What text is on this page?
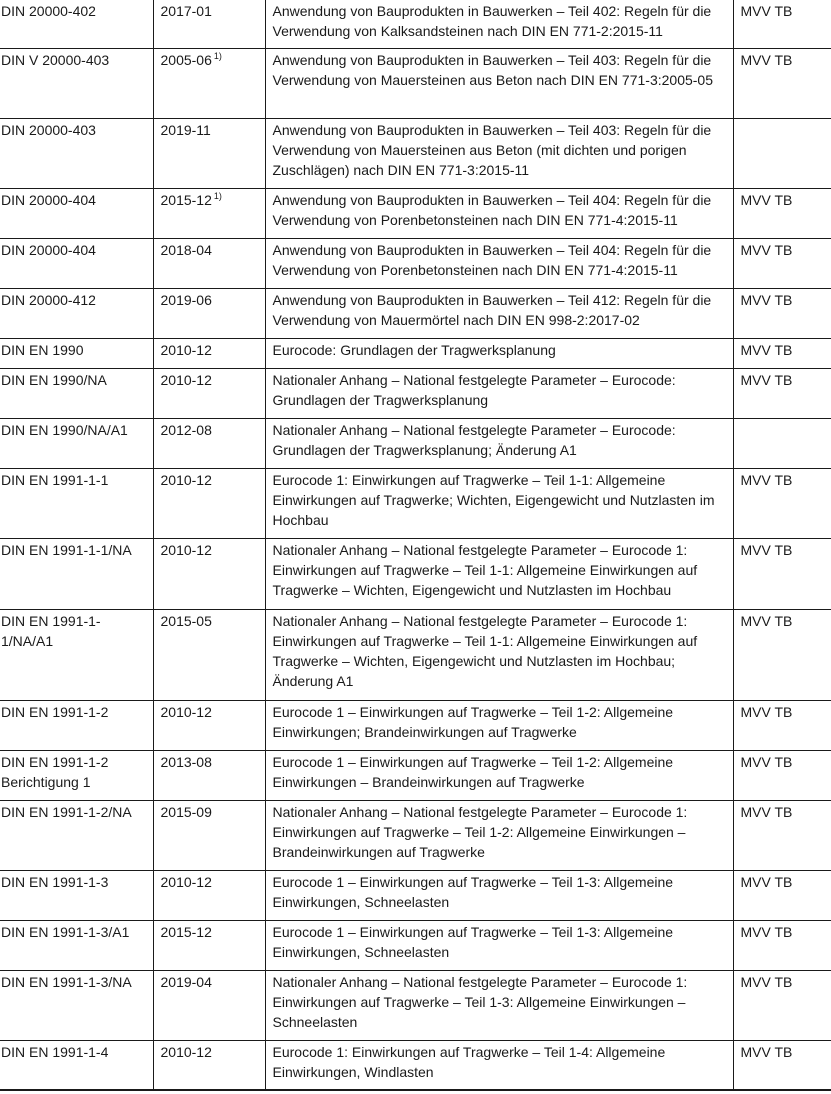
DIN 20000-402	2017-01	Anwendung von Bauprodukten in Bauwerken – Teil 402: Regeln für die Verwendung von Kalksandsteinen nach DIN EN 771-2:2015-11	MVV TB
DIN V 20000-403	2005-06 $^{1)}$	Anwendung von Bauprodukten in Bauwerken – Teil 403: Regeln für die Verwendung von Mauersteinen aus Beton nach DIN EN 771-3:2005-05	MVV TB
DIN 20000-403	2019-11	Anwendung von Bauprodukten in Bauwerken – Teil 403: Regeln für die Verwendung von Mauersteinen aus Beton (mit dichten und porigen Zuschlägen) nach DIN EN 771-3:2015-11	
DIN 20000-404	2015-12 $^{1)}$	Anwendung von Bauprodukten in Bauwerken – Teil 404: Regeln für die Verwendung von Porenbetonsteinen nach DIN EN 771-4:2015-11	MVV TB
DIN 20000-404	2018-04	Anwendung von Bauprodukten in Bauwerken – Teil 404: Regeln für die Verwendung von Porenbetonsteinen nach DIN EN 771-4:2015-11	MVV TB
DIN 20000-412	2019-06	Anwendung von Bauprodukten in Bauwerken – Teil 412: Regeln für die Verwendung von Mauermörtel nach DIN EN 998-2:2017-02	MVV TB
DIN EN 1990	2010-12	Eurocode: Grundlagen der Tragwerksplanung	MVV TB
DIN EN 1990/NA	2010-12	Nationaler Anhang – National festgelegte Parameter – Eurocode: Grundlagen der Tragwerksplanung	MVV TB
DIN EN 1990/NA/A1	2012-08	Nationaler Anhang – National festgelegte Parameter – Eurocode: Grundlagen der Tragwerksplanung; Änderung A1	
DIN EN 1991-1-1	2010-12	Eurocode 1: Einwirkungen auf Tragwerke – Teil 1-1: Allgemeine Einwirkungen auf Tragwerke; Wichten, Eigengewicht und Nutzlasten im Hochbau	MVV TB
DIN EN 1991-1-1/NA	2010-12	Nationaler Anhang – National festgelegte Parameter – Eurocode 1: Einwirkungen auf Tragwerke – Teil 1-1: Allgemeine Einwirkungen auf Tragwerke – Wichten, Eigengewicht und Nutzlasten im Hochbau	MVV TB
DIN EN 1991-1-1/NA/A1	2015-05	Nationaler Anhang – National festgelegte Parameter – Eurocode 1: Einwirkungen auf Tragwerke – Teil 1-1: Allgemeine Einwirkungen auf Tragwerke – Wichten, Eigengewicht und Nutzlasten im Hochbau; Änderung A1	MVV TB
DIN EN 1991-1-2	2010-12	Eurocode 1 – Einwirkungen auf Tragwerke – Teil 1-2: Allgemeine Einwirkungen; Brandeinwirkungen auf Tragwerke	MVV TB
DIN EN 1991-1-2 Berichtigung 1	2013-08	Eurocode 1 – Einwirkungen auf Tragwerke – Teil 1-2: Allgemeine Einwirkungen – Brandeinwirkungen auf Tragwerke	MVV TB
DIN EN 1991-1-2/NA	2015-09	Nationaler Anhang – National festgelegte Parameter – Eurocode 1: Einwirkungen auf Tragwerke – Teil 1-2: Allgemeine Einwirkungen – Brandeinwirkungen auf Tragwerke	MVV TB
DIN EN 1991-1-3	2010-12	Eurocode 1 – Einwirkungen auf Tragwerke – Teil 1-3: Allgemeine Einwirkungen, Schneelasten	MVV TB
DIN EN 1991-1-3/A1	2015-12	Eurocode 1 – Einwirkungen auf Tragwerke – Teil 1-3: Allgemeine Einwirkungen, Schneelasten	MVV TB
DIN EN 1991-1-3/NA	2019-04	Nationaler Anhang – National festgelegte Parameter – Eurocode 1: Einwirkungen auf Tragwerke – Teil 1-3: Allgemeine Einwirkungen – Schneelasten	MVV TB
DIN EN 1991-1-4	2010-12	Eurocode 1: Einwirkungen auf Tragwerke – Teil 1-4: Allgemeine Einwirkungen, Windlasten	MVV TB
